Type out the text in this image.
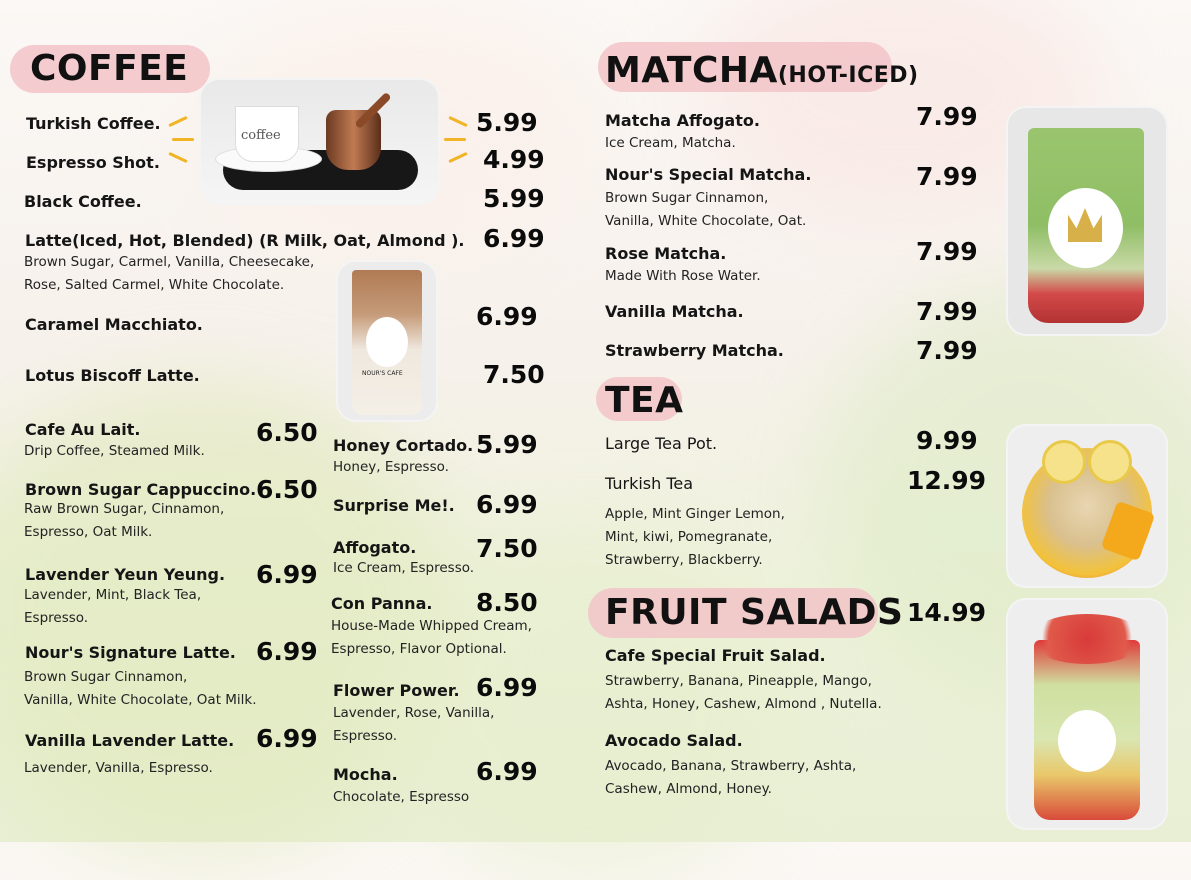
COFFEE
coffee
NOUR'S CAFE
Turkish Coffee.	5.99
Espresso Shot.	4.99
Black Coffee.	5.99
Latte(Iced, Hot, Blended) (R Milk, Oat, Almond ). 6.99
Brown Sugar, Carmel, Vanilla, Cheesecake,
Rose, Salted Carmel, White Chocolate.
Caramel Macchiato.	6.99
Lotus Biscoff Latte.	7.50
Cafe Au Lait.	6.50
Drip Coffee, Steamed Milk.
Brown Sugar Cappuccino. 6.50
Raw Brown Sugar, Cinnamon,
Espresso, Oat Milk.
Lavender Yeun Yeung. 6.99
Lavender, Mint, Black Tea,
Espresso.
Nour's Signature Latte. 6.99
Brown Sugar Cinnamon,
Vanilla, White Chocolate, Oat Milk.
Vanilla Lavender Latte. 6.99
Lavender, Vanilla, Espresso.
Honey Cortado. 5.99
Honey, Espresso.
Surprise Me!. 6.99
Affogato. 7.50
Ice Cream, Espresso.
Con Panna. 8.50
House-Made Whipped Cream,
Espresso, Flavor Optional.
Flower Power. 6.99
Lavender, Rose, Vanilla,
Espresso.
Mocha.	6.99
Chocolate, Espresso
MATCHA(HOT-ICED)
Matcha Affogato.	7.99
Ice Cream, Matcha.
Nour's Special Matcha.	7.99
Brown Sugar Cinnamon,
Vanilla, White Chocolate, Oat.
Rose Matcha.	7.99
Made With Rose Water.
Vanilla Matcha.	7.99
Strawberry Matcha.	7.99
TEA
Large Tea Pot.	9.99
Turkish Tea	12.99
Apple, Mint Ginger Lemon,
Mint, kiwi, Pomegranate,
Strawberry, Blackberry.
FRUIT SALADS 14.99
Cafe Special Fruit Salad.
Strawberry, Banana, Pineapple, Mango,
Ashta, Honey, Cashew, Almond , Nutella.
Avocado Salad.
Avocado, Banana, Strawberry, Ashta,
Cashew, Almond, Honey.
